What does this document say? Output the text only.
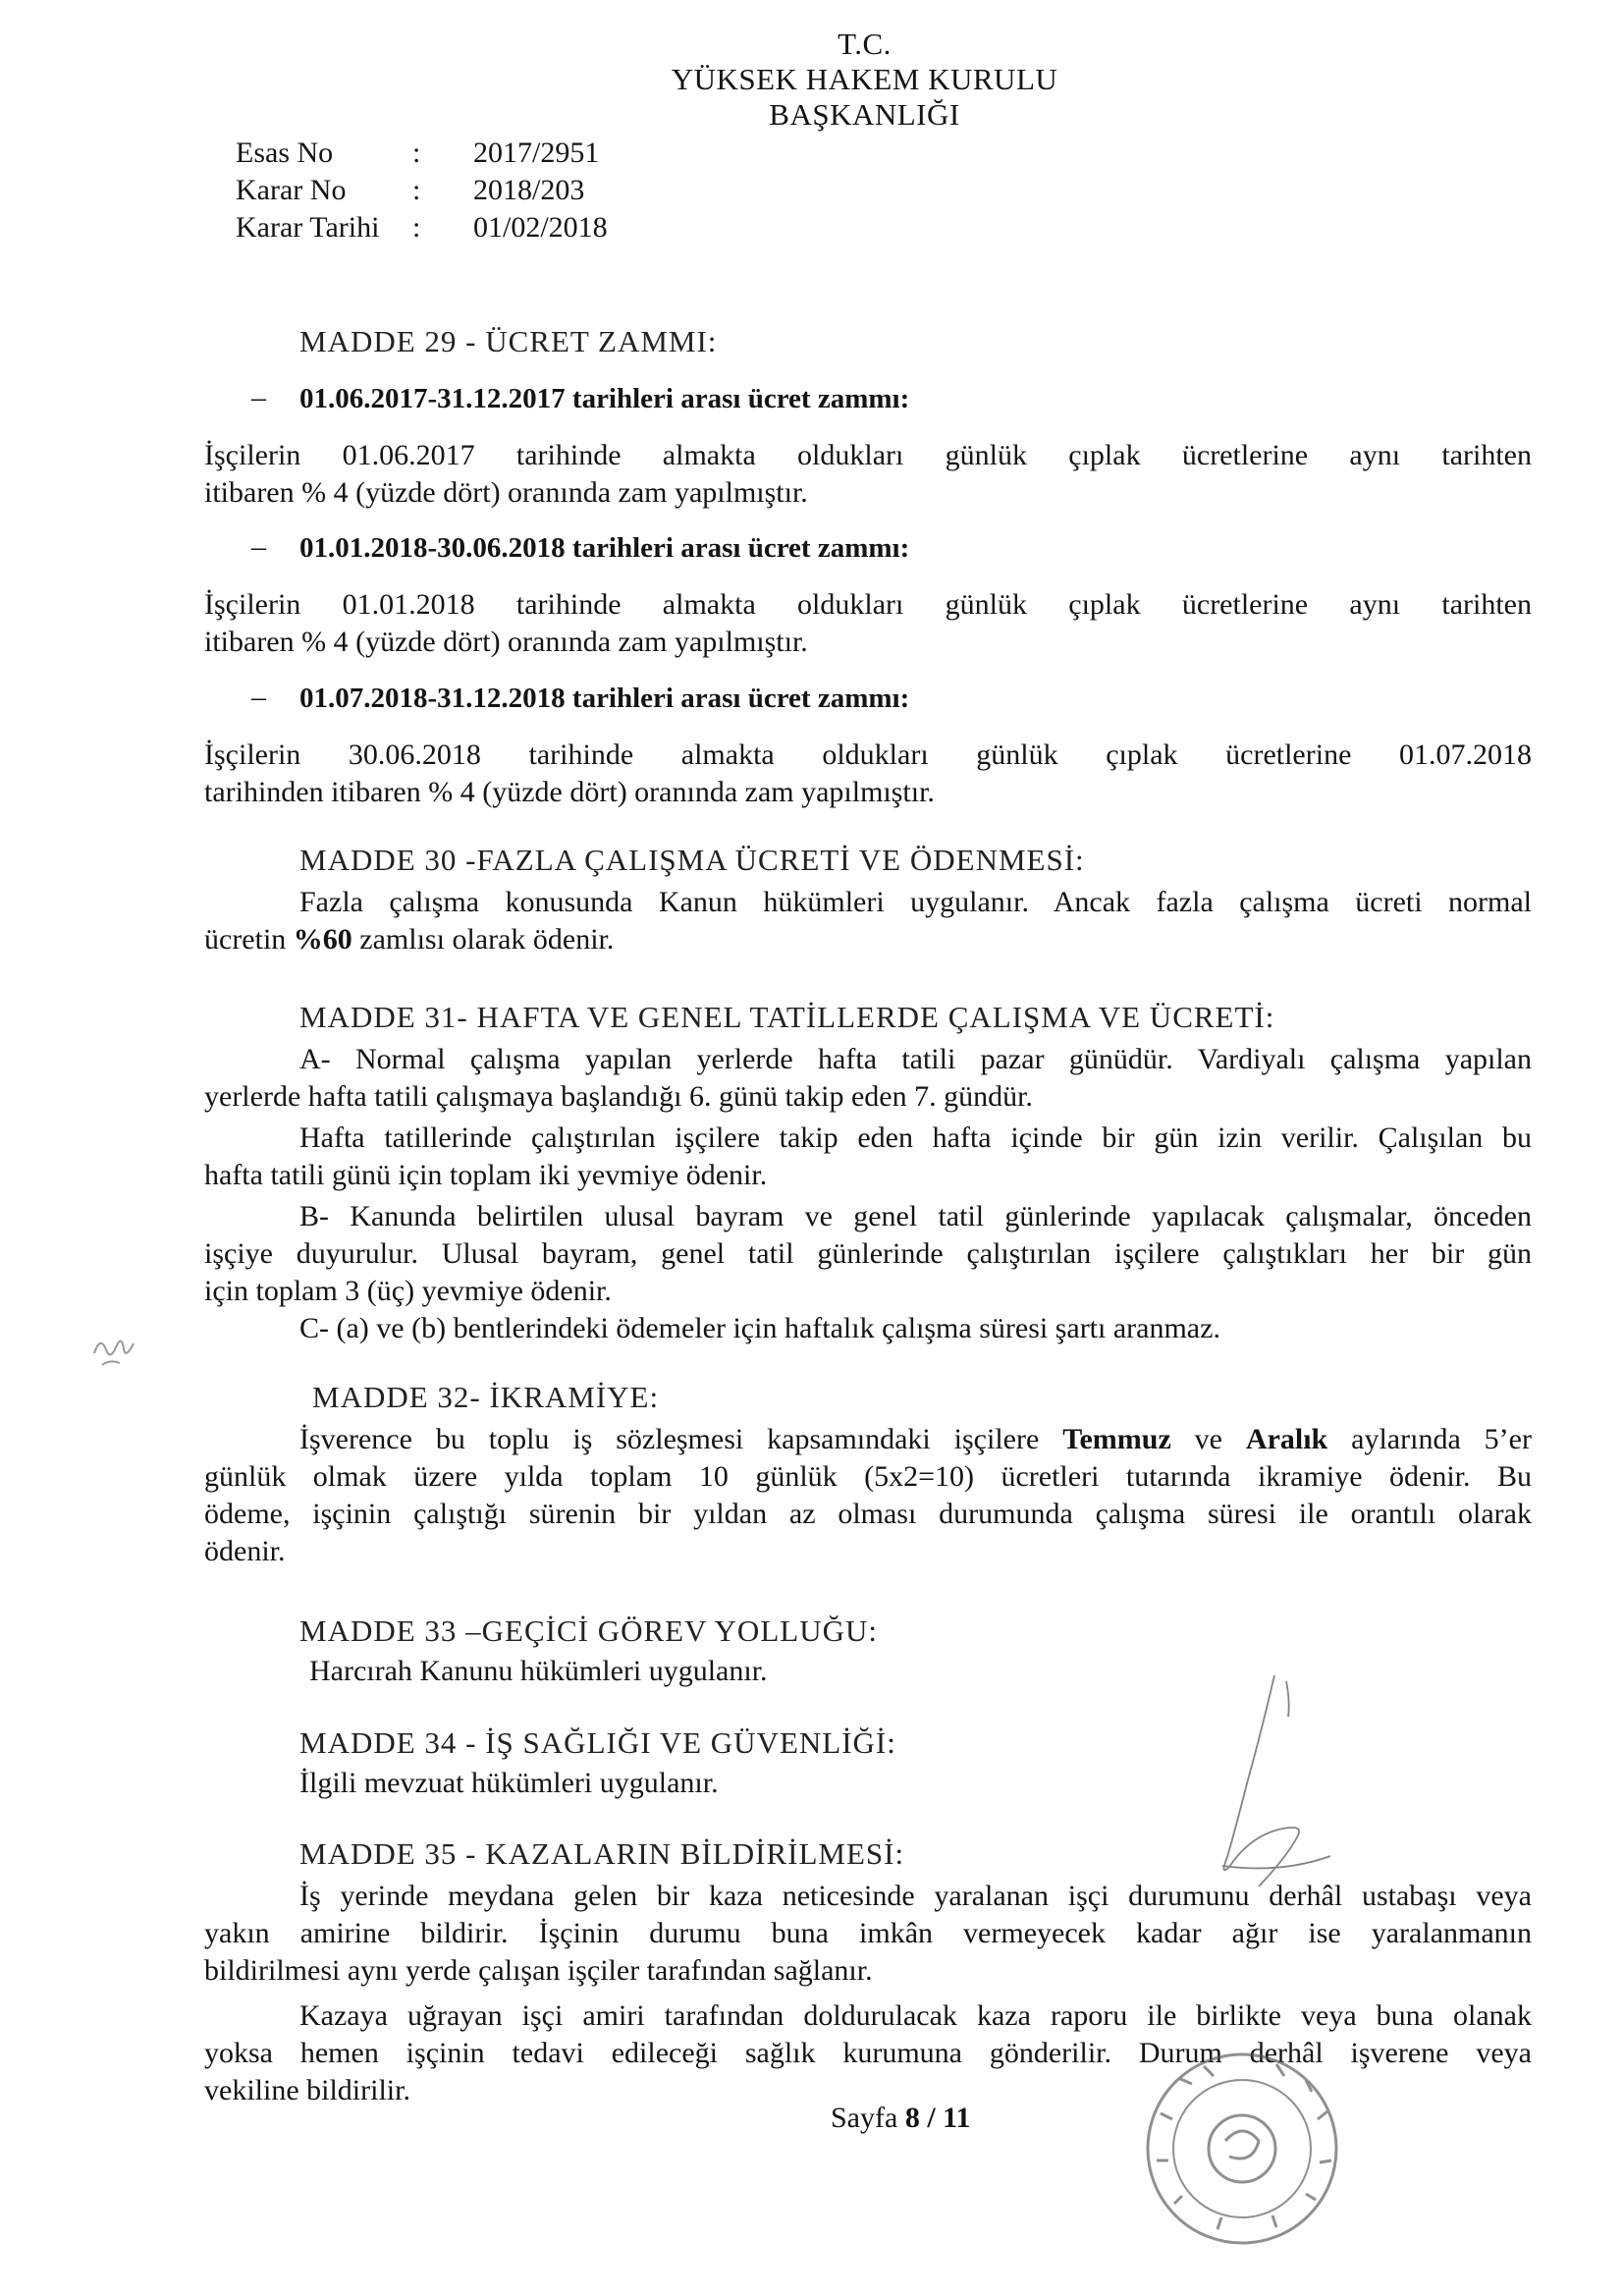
T.C.
YÜKSEK HAKEM KURULU
BAŞKANLIĞI
Esas No	:	2017/2951
Karar No	:	2018/203
Karar Tarihi	:	01/02/2018
MADDE 29 - ÜCRET ZAMMI:
– 01.06.2017-31.12.2017 tarihleri arası ücret zammı:
İşçilerin 01.06.2017 tarihinde almakta oldukları günlük çıplak ücretlerine aynı tarihten
itibaren % 4 (yüzde dört) oranında zam yapılmıştır.
– 01.01.2018-30.06.2018 tarihleri arası ücret zammı:
İşçilerin 01.01.2018 tarihinde almakta oldukları günlük çıplak ücretlerine aynı tarihten
itibaren % 4 (yüzde dört) oranında zam yapılmıştır.
– 01.07.2018-31.12.2018 tarihleri arası ücret zammı:
İşçilerin 30.06.2018 tarihinde almakta oldukları günlük çıplak ücretlerine 01.07.2018
tarihinden itibaren % 4 (yüzde dört) oranında zam yapılmıştır.
MADDE 30 -FAZLA ÇALIŞMA ÜCRETİ VE ÖDENMESİ:
Fazla çalışma konusunda Kanun hükümleri uygulanır. Ancak fazla çalışma ücreti normal
ücretin %60 zamlısı olarak ödenir.
MADDE 31- HAFTA VE GENEL TATİLLERDE ÇALIŞMA VE ÜCRETİ:
A- Normal çalışma yapılan yerlerde hafta tatili pazar günüdür. Vardiyalı çalışma yapılan
yerlerde hafta tatili çalışmaya başlandığı 6. günü takip eden 7. gündür.
Hafta tatillerinde çalıştırılan işçilere takip eden hafta içinde bir gün izin verilir. Çalışılan bu
hafta tatili günü için toplam iki yevmiye ödenir.
B- Kanunda belirtilen ulusal bayram ve genel tatil günlerinde yapılacak çalışmalar, önceden
işçiye duyurulur. Ulusal bayram, genel tatil günlerinde çalıştırılan işçilere çalıştıkları her bir gün
için toplam 3 (üç) yevmiye ödenir.
C- (a) ve (b) bentlerindeki ödemeler için haftalık çalışma süresi şartı aranmaz.
MADDE 32- İKRAMİYE:
İşverence bu toplu iş sözleşmesi kapsamındaki işçilere Temmuz ve Aralık aylarında 5’er
günlük olmak üzere yılda toplam 10 günlük (5x2=10) ücretleri tutarında ikramiye ödenir. Bu
ödeme, işçinin çalıştığı sürenin bir yıldan az olması durumunda çalışma süresi ile orantılı olarak
ödenir.
MADDE 33 –GEÇİCİ GÖREV YOLLUĞU:
Harcırah Kanunu hükümleri uygulanır.
MADDE 34 - İŞ SAĞLIĞI VE GÜVENLİĞİ:
İlgili mevzuat hükümleri uygulanır.
MADDE 35 - KAZALARIN BİLDİRİLMESİ:
İş yerinde meydana gelen bir kaza neticesinde yaralanan işçi durumunu derhâl ustabaşı veya
yakın amirine bildirir. İşçinin durumu buna imkân vermeyecek kadar ağır ise yaralanmanın
bildirilmesi aynı yerde çalışan işçiler tarafından sağlanır.
Kazaya uğrayan işçi amiri tarafından doldurulacak kaza raporu ile birlikte veya buna olanak
yoksa hemen işçinin tedavi edileceği sağlık kurumuna gönderilir. Durum derhâl işverene veya
vekiline bildirilir.
Sayfa 8 / 11
